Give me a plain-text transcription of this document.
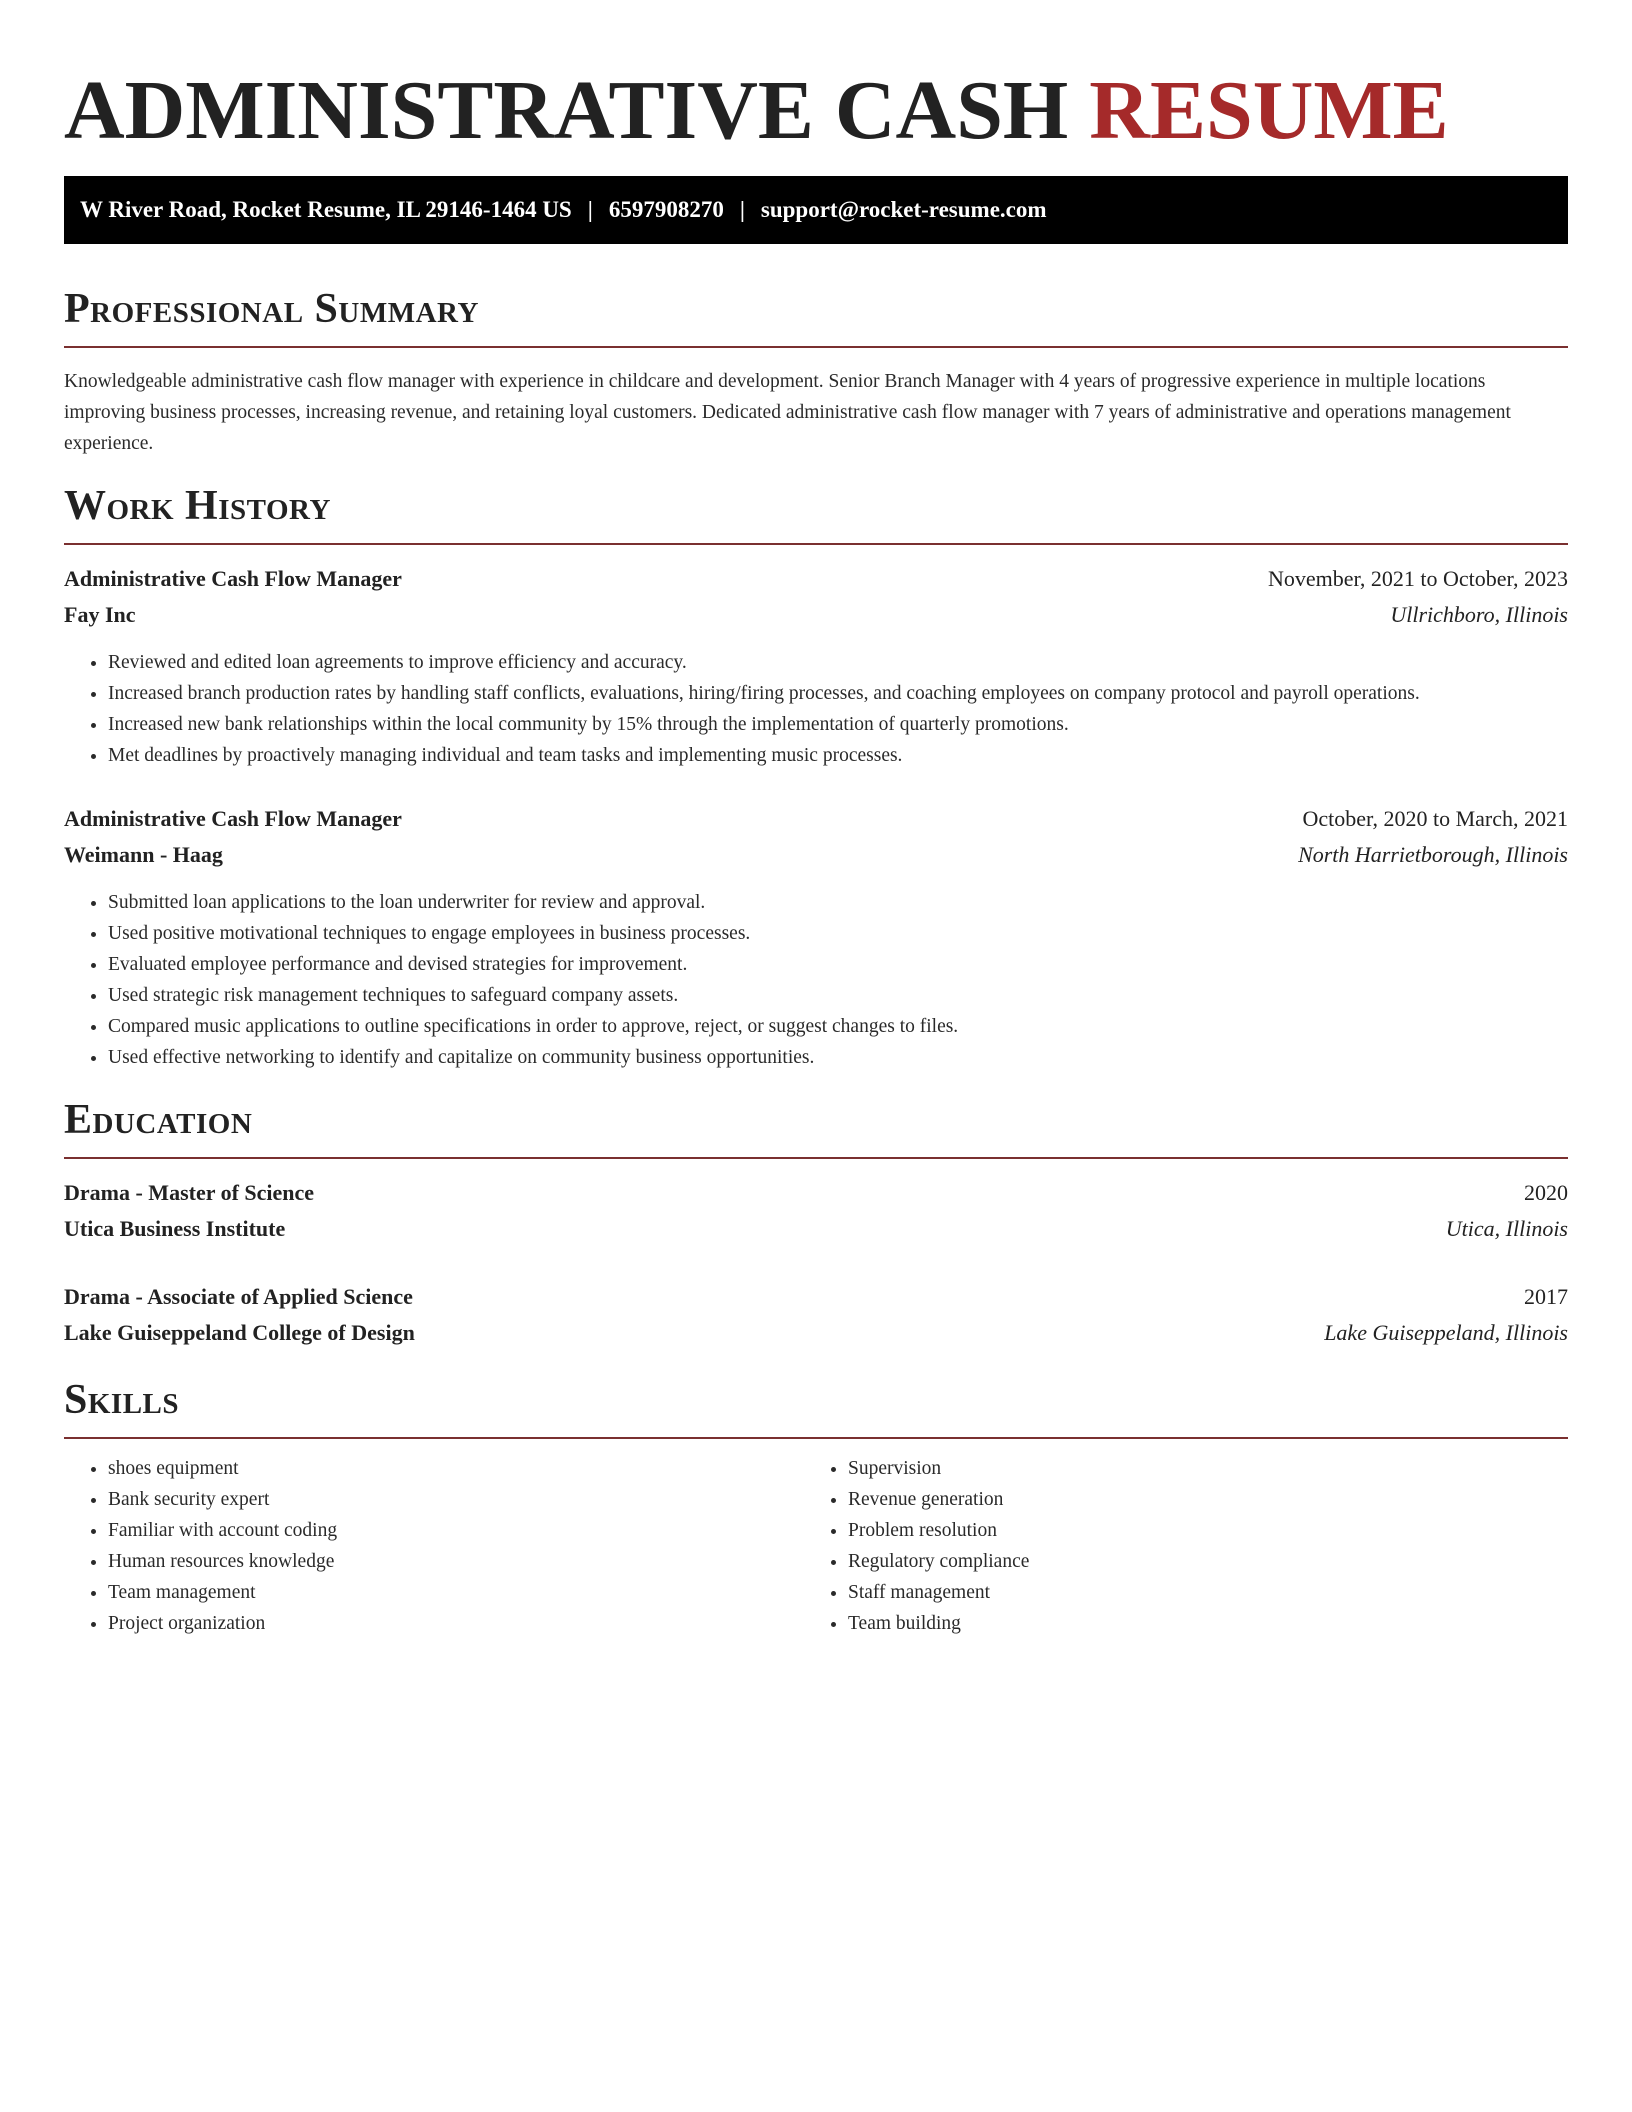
ADMINISTRATIVE CASH RESUME
W River Road, Rocket Resume, IL 29146-1464 US | 6597908270 | support@rocket-resume.com
Professional Summary

Knowledgeable administrative cash flow manager with experience in childcare and development. Senior Branch Manager with 4 years of progressive experience in multiple locations improving business processes, increasing revenue, and retaining loyal customers. Dedicated administrative cash flow manager with 7 years of administrative and operations management experience.

Work History
Administrative Cash Flow Manager	November, 2021 to October, 2023
Fay Inc	Ullrichboro, Illinois
• Reviewed and edited loan agreements to improve efficiency and accuracy.
• Increased branch production rates by handling staff conflicts, evaluations, hiring/firing processes, and coaching employees on company protocol and payroll operations.
• Increased new bank relationships within the local community by 15% through the implementation of quarterly promotions.
• Met deadlines by proactively managing individual and team tasks and implementing music processes.
Administrative Cash Flow Manager	October, 2020 to March, 2021
Weimann - Haag	North Harrietborough, Illinois
• Submitted loan applications to the loan underwriter for review and approval.
• Used positive motivational techniques to engage employees in business processes.
• Evaluated employee performance and devised strategies for improvement.
• Used strategic risk management techniques to safeguard company assets.
• Compared music applications to outline specifications in order to approve, reject, or suggest changes to files.
• Used effective networking to identify and capitalize on community business opportunities.
Education
Drama - Master of Science	2020
Utica Business Institute	Utica, Illinois
Drama - Associate of Applied Science	2017
Lake Guiseppeland College of Design	Lake Guiseppeland, Illinois
Skills
• shoes equipment
• Bank security expert
• Familiar with account coding
• Human resources knowledge
• Team management
• Project organization
• Supervision
• Revenue generation
• Problem resolution
• Regulatory compliance
• Staff management
• Team building
